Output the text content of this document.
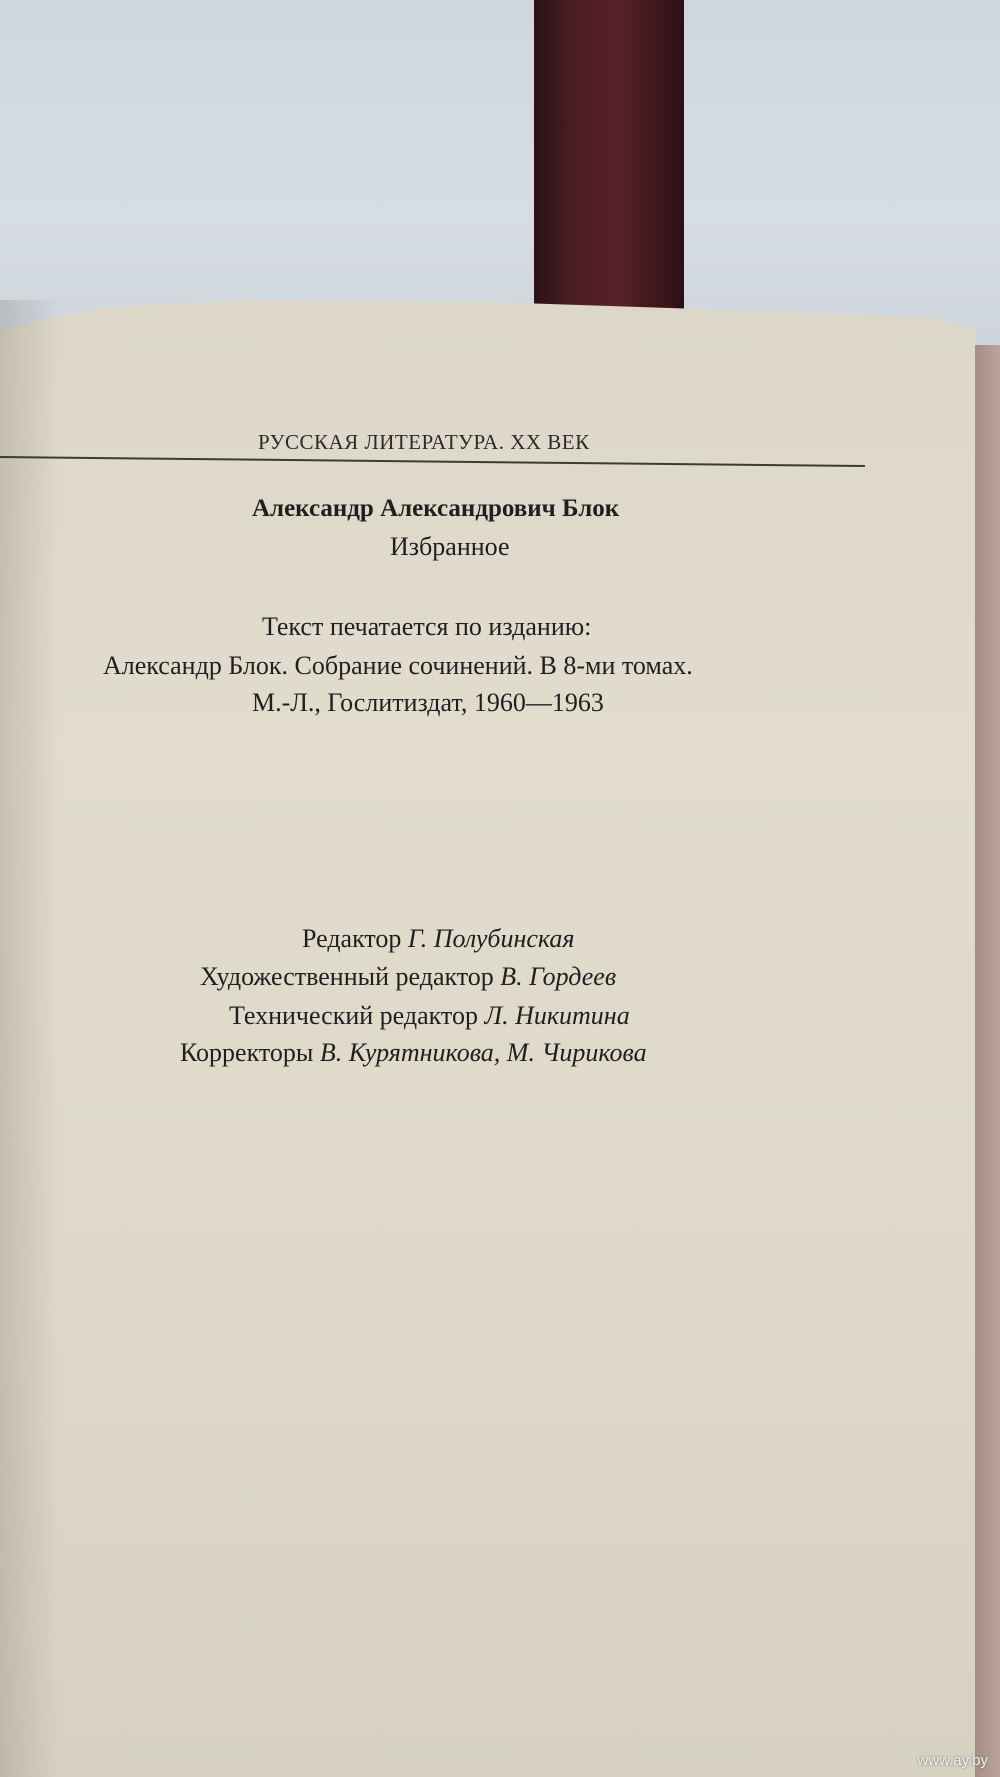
РУССКАЯ ЛИТЕРАТУРА. XX ВЕК
Александр Александрович Блок
Избранное
Текст печатается по изданию:
Александр Блок. Собрание сочинений. В 8-ми томах.
М.-Л., Гослитиздат, 1960—1963
Редактор Г. Полубинская
Художественный редактор В. Гордеев
Технический редактор Л. Никитина
Корректоры В. Курятникова, М. Чирикова
www.ay.by
